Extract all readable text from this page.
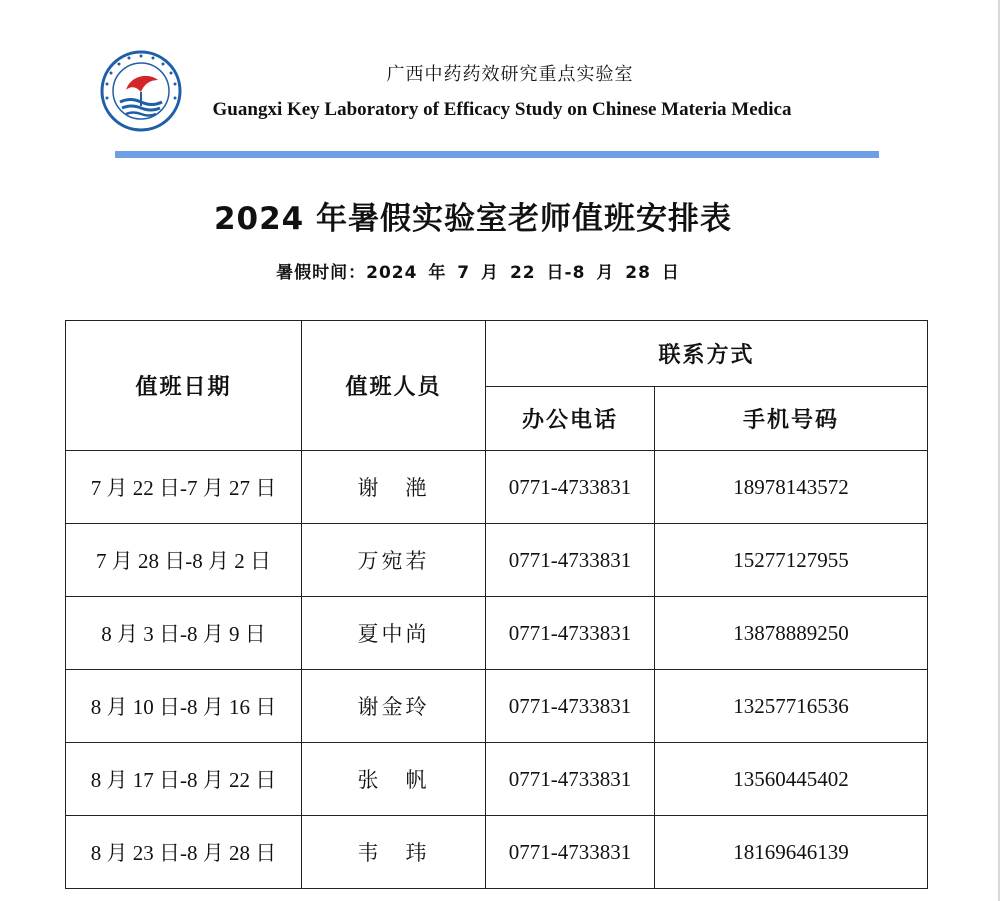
广西中药药效研究重点实验室
Guangxi Key Laboratory of Efficacy Study on Chinese Materia Medica
2024 年暑假实验室老师值班安排表
暑假时间：2024 年 7 月 22 日-8 月 28 日
值班日期	值班人员	联系方式	
		办公电话	手机号码
7 月 22 日-7 月 27 日	谢　滟	0771-4733831	18978143572
7 月 28 日-8 月 2 日	万宛若	0771-4733831	15277127955
8 月 3 日-8 月 9 日	夏中尚	0771-4733831	13878889250
8 月 10 日-8 月 16 日	谢金玲	0771-4733831	13257716536
8 月 17 日-8 月 22 日	张　帆	0771-4733831	13560445402
8 月 23 日-8 月 28 日	韦　玮	0771-4733831	18169646139
